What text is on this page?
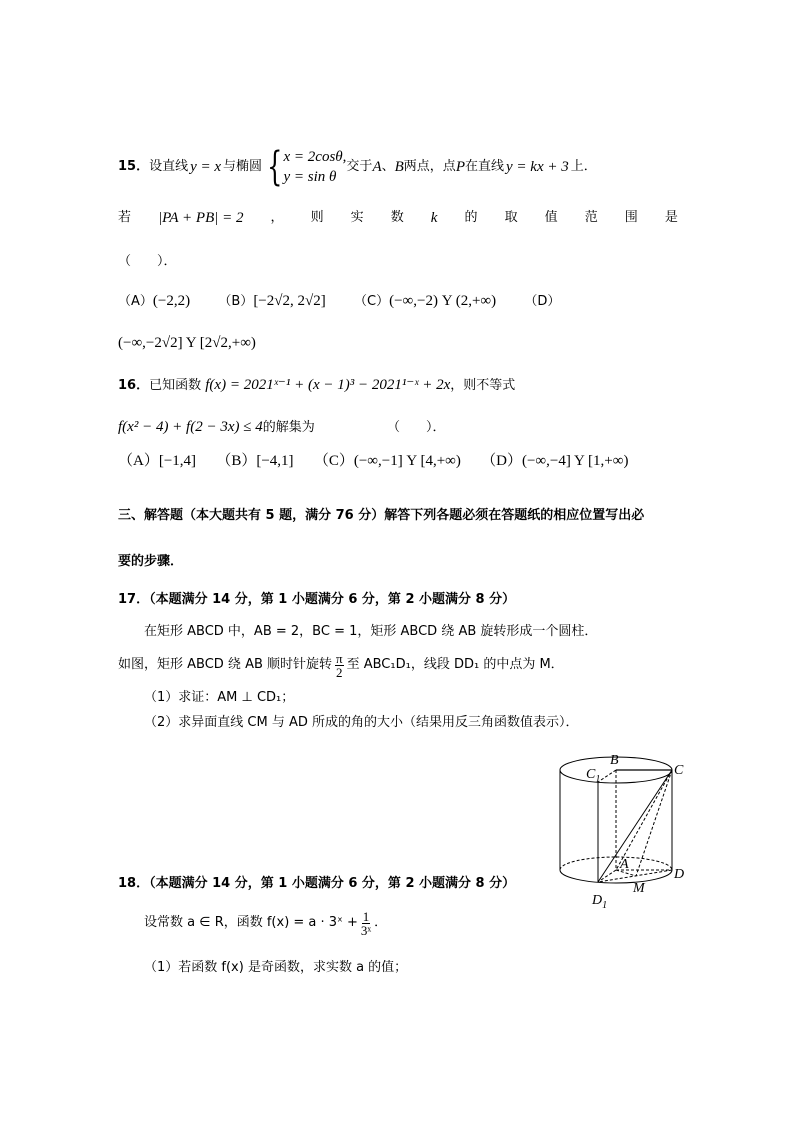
15． 设直线 y = x 与椭圆 { x = 2cosθ,
y = sin θ
交于 A 、 B 两点，点 P 在直线 y = kx + 3 上．
若 |PA + PB| = 2 ， 则 实 数 k 的 取 值 范 围 是
（　　）．
（A）(−2,2) （B）[−2√2, 2√2] （C）(−∞,−2) Y (2,+∞) （D）
(−∞,−2√2] Y [2√2,+∞)
16．已知函数 f(x) = 2021ˣ⁻¹ + (x − 1)³ − 2021¹⁻ˣ + 2x，则不等式
f(x² − 4) + f(2 − 3x) ≤ 4的解集为	（　　）．
（A）[−1,4] （B）[−4,1] （C）(−∞,−1] Y [4,+∞) （D）(−∞,−4] Y [1,+∞)
三、解答题（本大题共有 5 题，满分 76 分）解答下列各题必须在答题纸的相应位置写出必
要的步骤．
17．（本题满分 14 分，第 1 小题满分 6 分，第 2 小题满分 8 分）
在矩形 ABCD 中，AB = 2，BC = 1，矩形 ABCD 绕 AB 旋转形成一个圆柱．
如图，矩形 ABCD 绕 AB 顺时针旋转 $\frac{\pi}{2}$ 至 ABC₁D₁，线段 DD₁ 的中点为 M．
（1）求证：AM ⊥ CD₁；
（2）求异面直线 CM 与 AD 所成的角的大小（结果用反三角函数值表示）．
B
$C_1$
C
A
D
M
$D_1$
18．（本题满分 14 分，第 1 小题满分 6 分，第 2 小题满分 8 分）
设常数 a ∈ R，函数 f(x) = a · 3ˣ + $\frac{1}{\text{3ˣ}}$ ．
（1）若函数 f(x) 是奇函数，求实数 a 的值；
